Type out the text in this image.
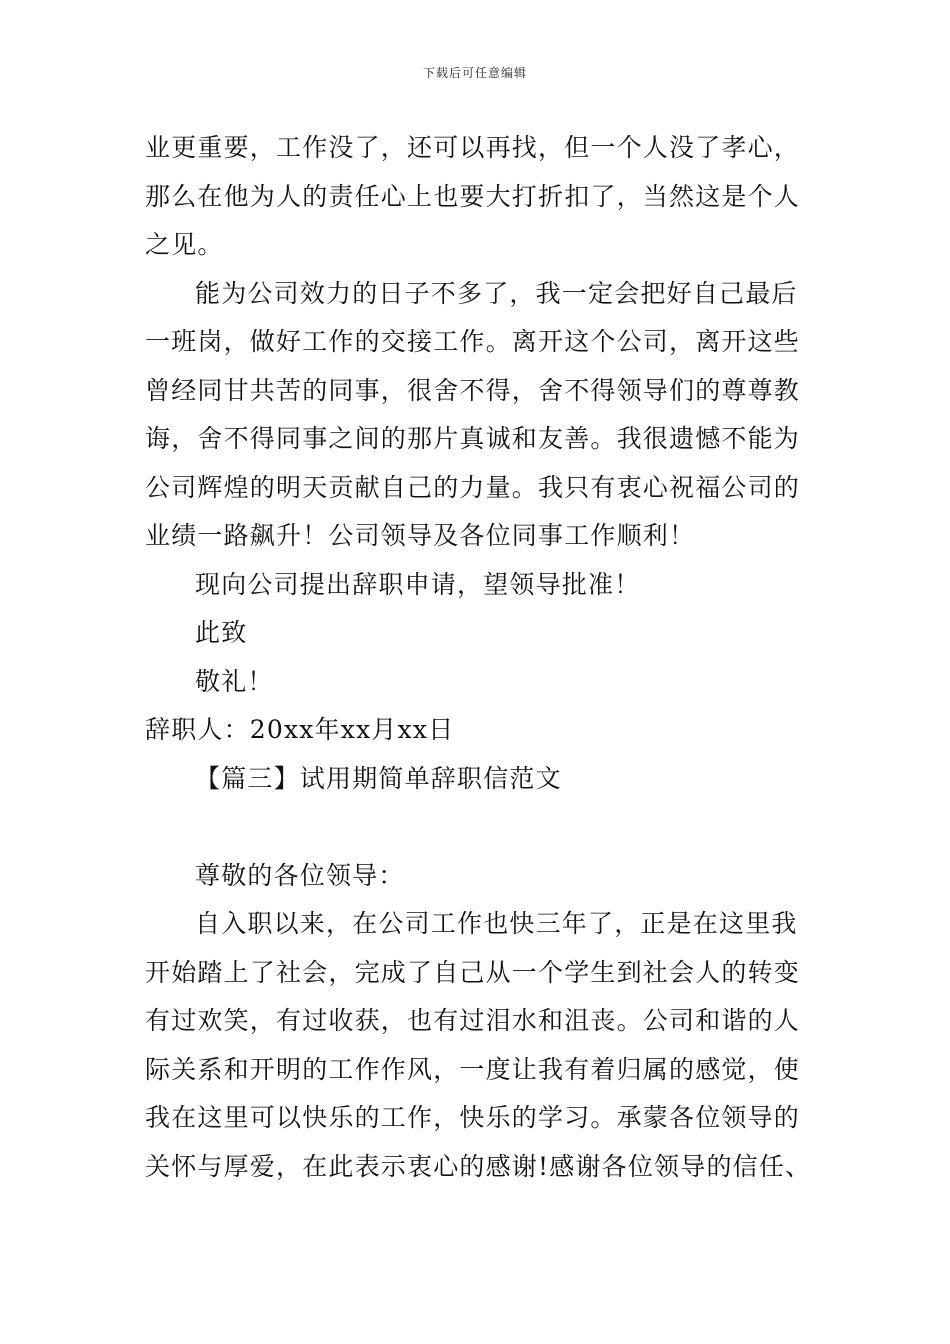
下载后可任意编辑
业更重要，工作没了，还可以再找，但一个人没了孝心，
那么在他为人的责任心上也要大打折扣了，当然这是个人
之见。
能为公司效力的日子不多了，我一定会把好自己最后
一班岗，做好工作的交接工作。离开这个公司，离开这些
曾经同甘共苦的同事，很舍不得，舍不得领导们的尊尊教
诲，舍不得同事之间的那片真诚和友善。我很遗憾不能为
公司辉煌的明天贡献自己的力量。我只有衷心祝福公司的
业绩一路飙升！公司领导及各位同事工作顺利！
现向公司提出辞职申请，望领导批准！
此致
敬礼！
辞职人：20xx年xx月xx日
【篇三】试用期简单辞职信范文
尊敬的各位领导：
自入职以来，在公司工作也快三年了，正是在这里我
开始踏上了社会，完成了自己从一个学生到社会人的转变
有过欢笑，有过收获，也有过泪水和沮丧。公司和谐的人
际关系和开明的工作作风，一度让我有着归属的感觉，使
我在这里可以快乐的工作，快乐的学习。承蒙各位领导的
关怀与厚爱，在此表示衷心的感谢!感谢各位领导的信任、
